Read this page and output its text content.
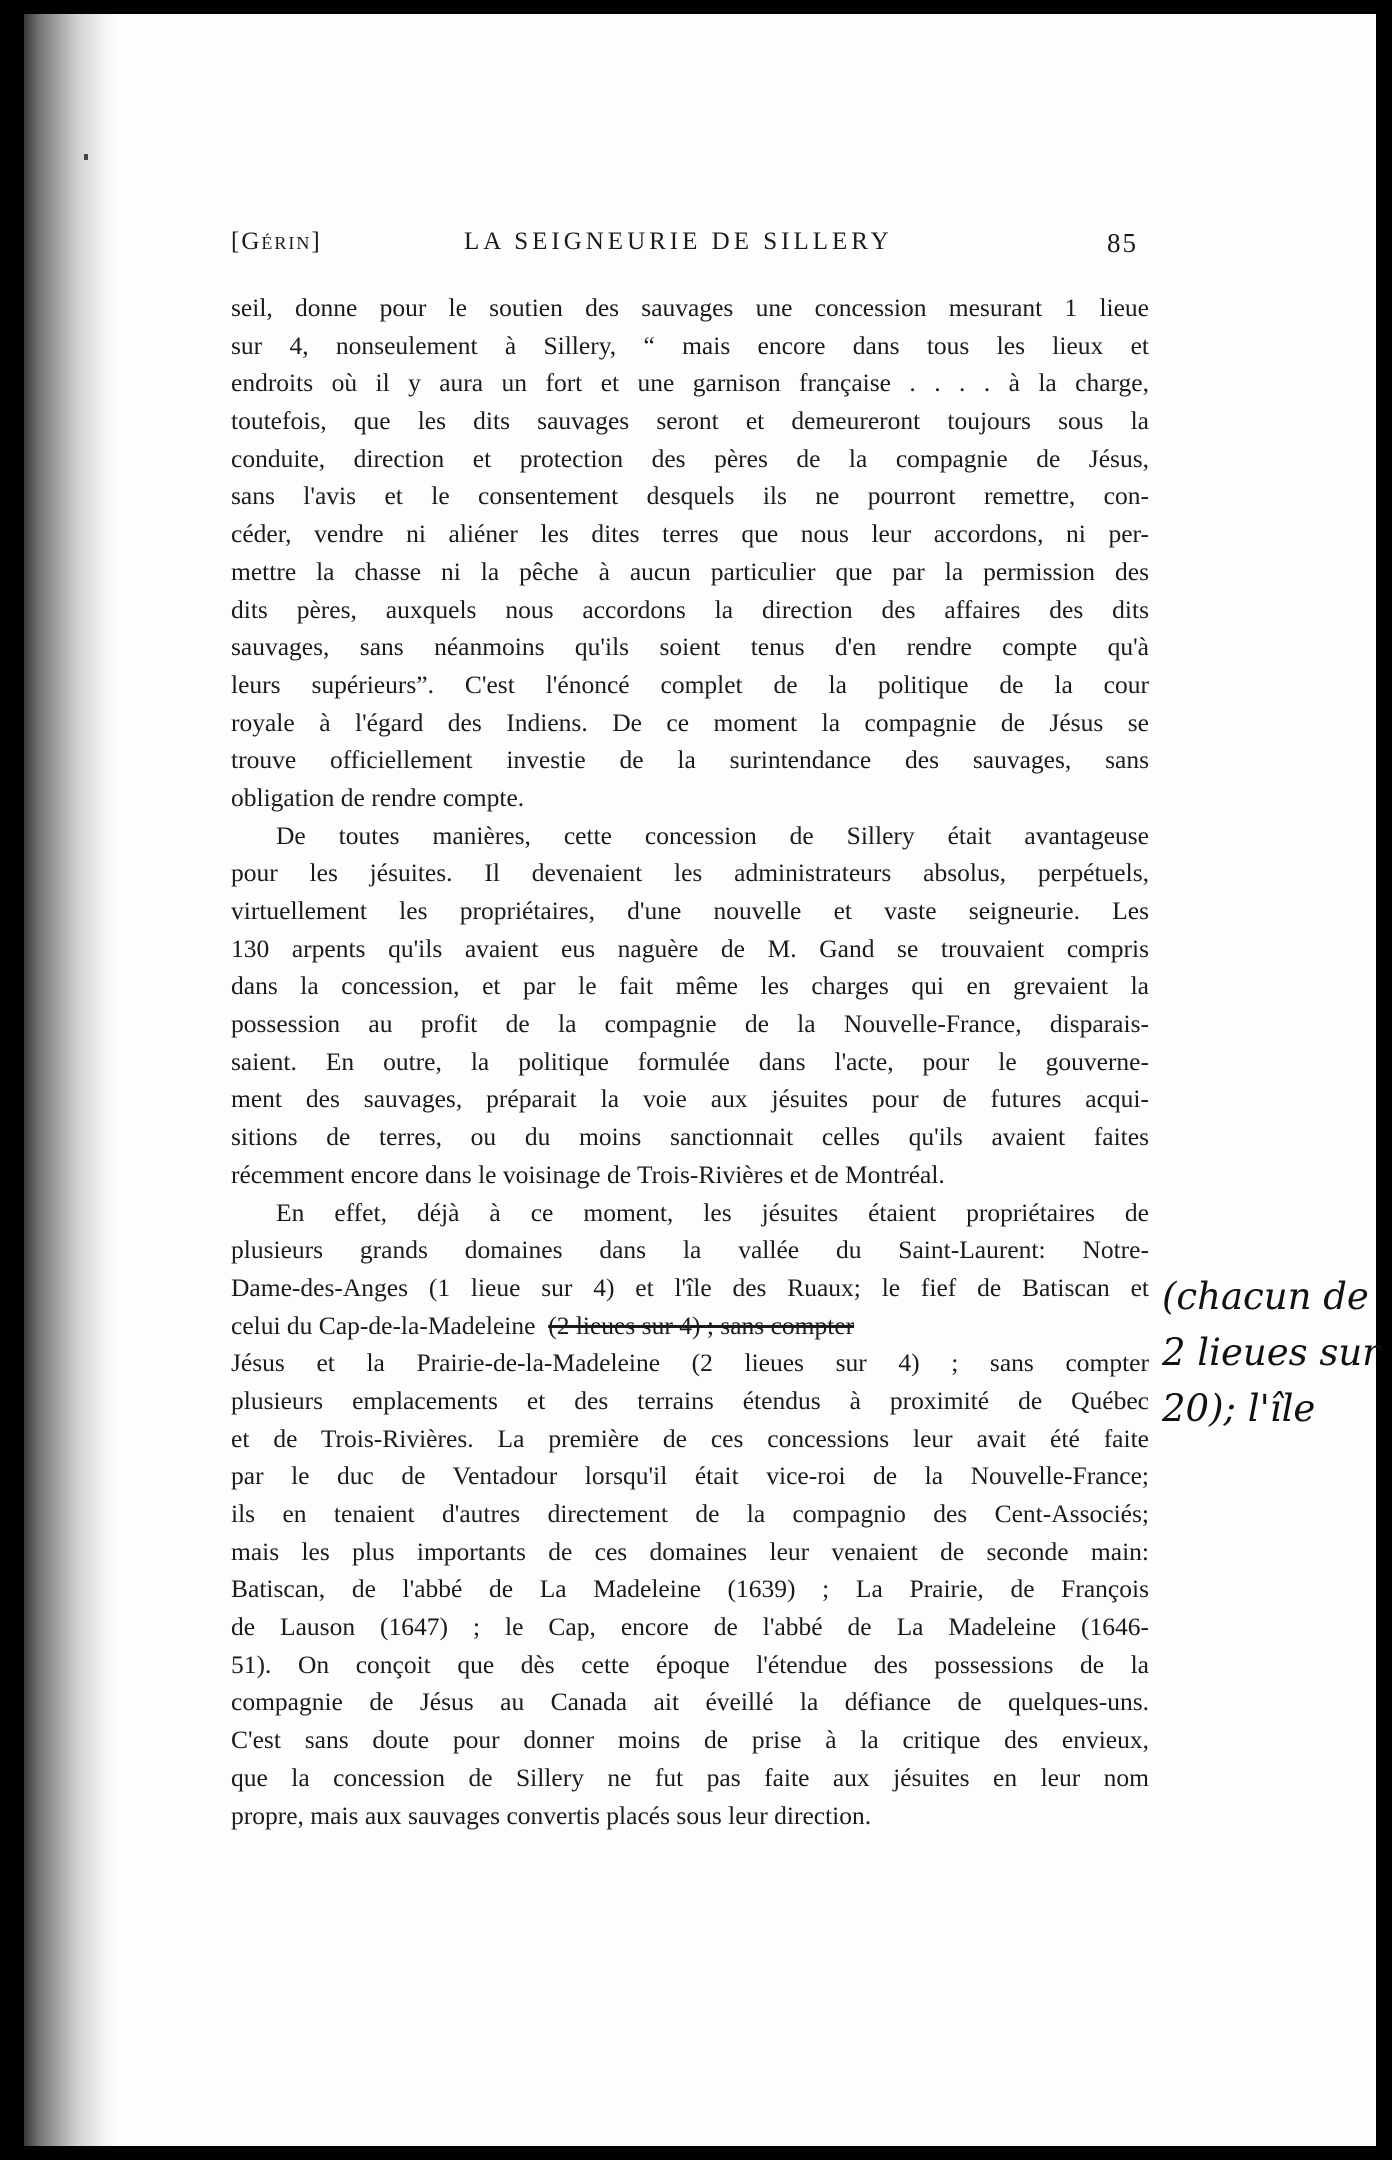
[Gérin]	LA SEIGNEURIE DE SILLERY	85
seil, donne pour le soutien des sauvages une concession mesurant 1 lieue
sur 4, nonseulement à Sillery, “ mais encore dans tous les lieux et
endroits où il y aura un fort et une garnison française . . . . à la charge,
toutefois, que les dits sauvages seront et demeureront toujours sous la
conduite, direction et protection des pères de la compagnie de Jésus,
sans l'avis et le consentement desquels ils ne pourront remettre, con-
céder, vendre ni aliéner les dites terres que nous leur accordons, ni per-
mettre la chasse ni la pêche à aucun particulier que par la permission des
dits pères, auxquels nous accordons la direction des affaires des dits
sauvages, sans néanmoins qu'ils soient tenus d'en rendre compte qu'à
leurs supérieurs”. C'est l'énoncé complet de la politique de la cour
royale à l'égard des Indiens. De ce moment la compagnie de Jésus se
trouve officiellement investie de la surintendance des sauvages, sans
obligation de rendre compte.
De toutes manières, cette concession de Sillery était avantageuse
pour les jésuites. Il devenaient les administrateurs absolus, perpétuels,
virtuellement les propriétaires, d'une nouvelle et vaste seigneurie. Les
130 arpents qu'ils avaient eus naguère de M. Gand se trouvaient compris
dans la concession, et par le fait même les charges qui en grevaient la
possession au profit de la compagnie de la Nouvelle-France, disparais-
saient. En outre, la politique formulée dans l'acte, pour le gouverne-
ment des sauvages, préparait la voie aux jésuites pour de futures acqui-
sitions de terres, ou du moins sanctionnait celles qu'ils avaient faites
récemment encore dans le voisinage de Trois-Rivières et de Montréal.
En effet, déjà à ce moment, les jésuites étaient propriétaires de
plusieurs grands domaines dans la vallée du Saint-Laurent: Notre-
Dame-des-Anges (1 lieue sur 4) et l'île des Ruaux; le fief de Batiscan et
celui du Cap-de-la-Madeleine (2 lieues sur 4) ; sans compter
Jésus et la Prairie-de-la-Madeleine (2 lieues sur 4) ; sans compter
plusieurs emplacements et des terrains étendus à proximité de Québec
et de Trois-Rivières. La première de ces concessions leur avait été faite
par le duc de Ventadour lorsqu'il était vice-roi de la Nouvelle-France;
ils en tenaient d'autres directement de la compagnio des Cent-Associés;
mais les plus importants de ces domaines leur venaient de seconde main:
Batiscan, de l'abbé de La Madeleine (1639) ; La Prairie, de François
de Lauson (1647) ; le Cap, encore de l'abbé de La Madeleine (1646-
51). On conçoit que dès cette époque l'étendue des possessions de la
compagnie de Jésus au Canada ait éveillé la défiance de quelques-uns.
C'est sans doute pour donner moins de prise à la critique des envieux,
que la concession de Sillery ne fut pas faite aux jésuites en leur nom
propre, mais aux sauvages convertis placés sous leur direction.
(chacun de
2 lieues sur
20); l'île
